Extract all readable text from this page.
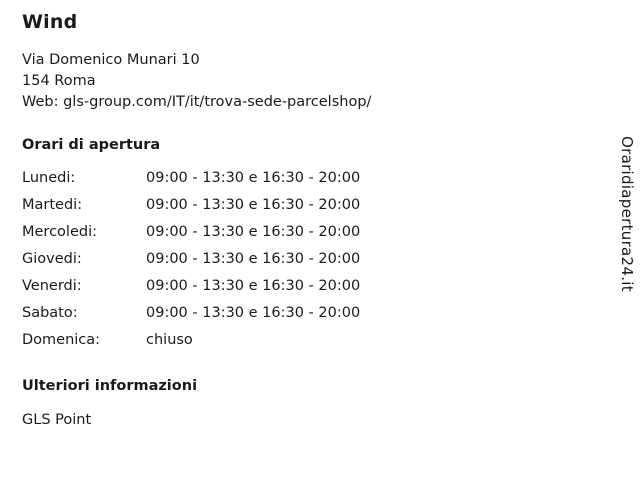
Wind

Via Domenico Munari 10

154 Roma

Web: gls-group.com/IT/it/trova-sede-parcelshop/

Orari di apertura
Lunedi:	09:00 - 13:30 e 16:30 - 20:00
Martedi:	09:00 - 13:30 e 16:30 - 20:00
Mercoledi:	09:00 - 13:30 e 16:30 - 20:00
Giovedi:	09:00 - 13:30 e 16:30 - 20:00
Venerdi:	09:00 - 13:30 e 16:30 - 20:00
Sabato:	09:00 - 13:30 e 16:30 - 20:00
Domenica:	chiuso
Ulteriori informazioni

GLS Point

Oraridiapertura24.it
